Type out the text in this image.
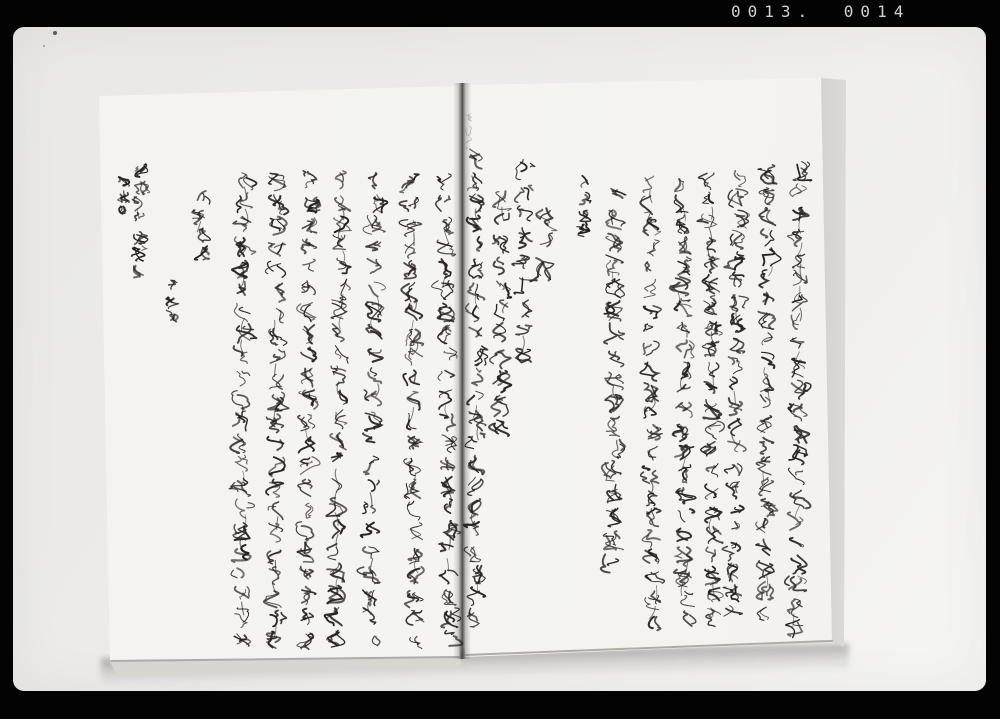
0013. 0014
